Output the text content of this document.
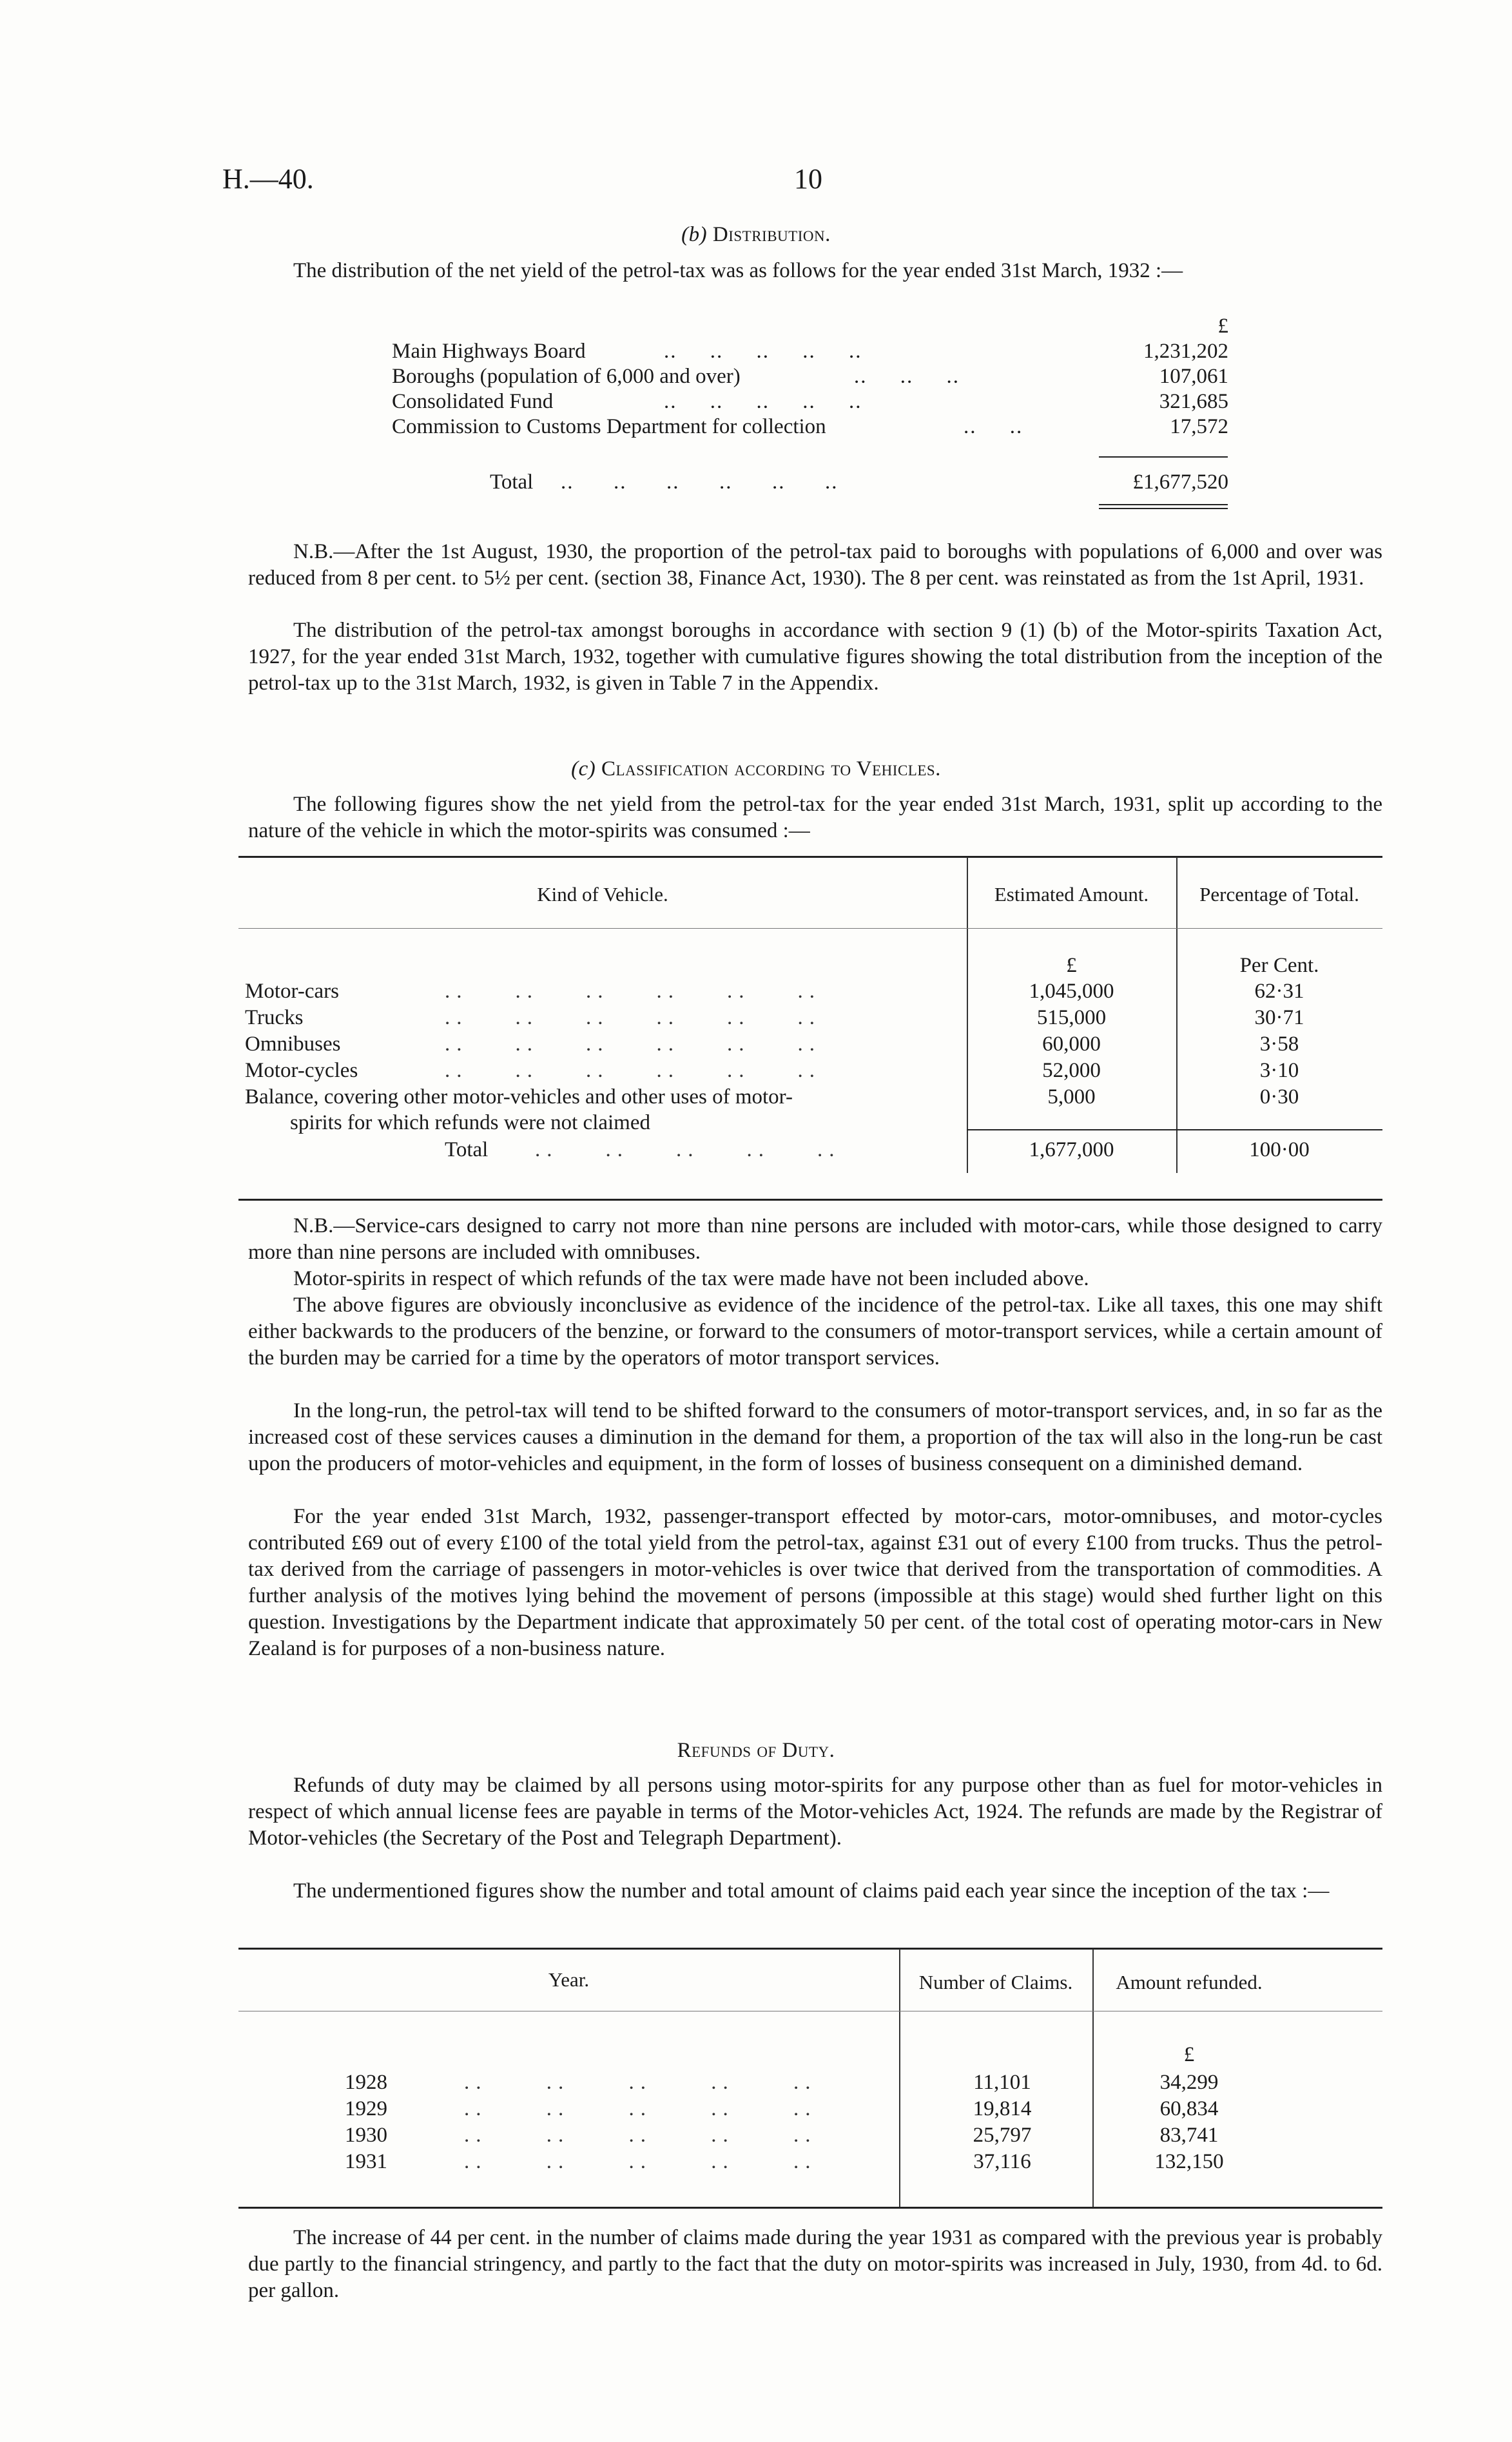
H.—40.	10
(b) Distribution.
The distribution of the net yield of the petrol-tax was as follows for the year ended 31st March, 1932 :—
£
Main Highways Board	..     ..     ..     ..     ..	1,231,202
Boroughs (population of 6,000 and over)	..     ..     ..	107,061
Consolidated Fund	..     ..     ..     ..     ..	321,685
Commission to Customs Department for collection	..     ..	17,572
Total ..      ..      ..      ..      ..      ..	£1,677,520
N.B.—After the 1st August, 1930, the proportion of the petrol-tax paid to boroughs with populations of 6,000 and over was reduced from 8 per cent. to 5½ per cent. (section 38, Finance Act, 1930). The 8 per cent. was reinstated as from the 1st April, 1931.
The distribution of the petrol-tax amongst boroughs in accordance with section 9 (1) (b) of the Motor-spirits Taxation Act, 1927, for the year ended 31st March, 1932, together with cumulative figures showing the total distribution from the inception of the petrol-tax up to the 31st March, 1932, is given in Table 7 in the Appendix.
(c) Classification according to Vehicles.
The following figures show the net yield from the petrol-tax for the year ended 31st March, 1931, split up according to the nature of the vehicle in which the motor-spirits was consumed :—
Kind of Vehicle.	Estimated Amount.	Percentage of Total.
£	Per Cent.
Motor-cars	..    ..    ..    ..    ..    ..	1,045,000	62·31
Trucks	..    ..    ..    ..    ..    ..	515,000	30·71
Omnibuses	..    ..    ..    ..    ..    ..	60,000	3·58
Motor-cycles	..    ..    ..    ..    ..    ..	52,000	3·10
Balance, covering other motor-vehicles and other uses of motor-
spirits for which refunds were not claimed
5,000	0·30
Total ..    ..    ..    ..    ..	1,677,000	100·00
N.B.—Service-cars designed to carry not more than nine persons are included with motor-cars, while those designed to carry more than nine persons are included with omnibuses.
Motor-spirits in respect of which refunds of the tax were made have not been included above.
The above figures are obviously inconclusive as evidence of the incidence of the petrol-tax. Like all taxes, this one may shift either backwards to the producers of the benzine, or forward to the consumers of motor-transport services, while a certain amount of the burden may be carried for a time by the operators of motor transport services.
In the long-run, the petrol-tax will tend to be shifted forward to the consumers of motor-transport services, and, in so far as the increased cost of these services causes a diminution in the demand for them, a proportion of the tax will also in the long-run be cast upon the producers of motor-vehicles and equipment, in the form of losses of business consequent on a diminished demand.
For the year ended 31st March, 1932, passenger-transport effected by motor-cars, motor-omnibuses, and motor-cycles contributed £69 out of every £100 of the total yield from the petrol-tax, against £31 out of every £100 from trucks. Thus the petrol-tax derived from the carriage of passengers in motor-vehicles is over twice that derived from the transportation of commodities. A further analysis of the motives lying behind the movement of persons (impossible at this stage) would shed further light on this question. Investigations by the Department indicate that approximately 50 per cent. of the total cost of operating motor-cars in New Zealand is for purposes of a non-business nature.
Refunds of Duty.
Refunds of duty may be claimed by all persons using motor-spirits for any purpose other than as fuel for motor-vehicles in respect of which annual license fees are payable in terms of the Motor-vehicles Act, 1924. The refunds are made by the Registrar of Motor-vehicles (the Secretary of the Post and Telegraph Department).
The undermentioned figures show the number and total amount of claims paid each year since the inception of the tax :—
Year.	Number of Claims.	Amount refunded.
£
1928	..     ..     ..     ..     ..	11,101	34,299
1929	..     ..     ..     ..     ..	19,814	60,834
1930	..     ..     ..     ..     ..	25,797	83,741
1931	..     ..     ..     ..     ..	37,116	132,150
The increase of 44 per cent. in the number of claims made during the year 1931 as compared with the previous year is probably due partly to the financial stringency, and partly to the fact that the duty on motor-spirits was increased in July, 1930, from 4d. to 6d. per gallon.
